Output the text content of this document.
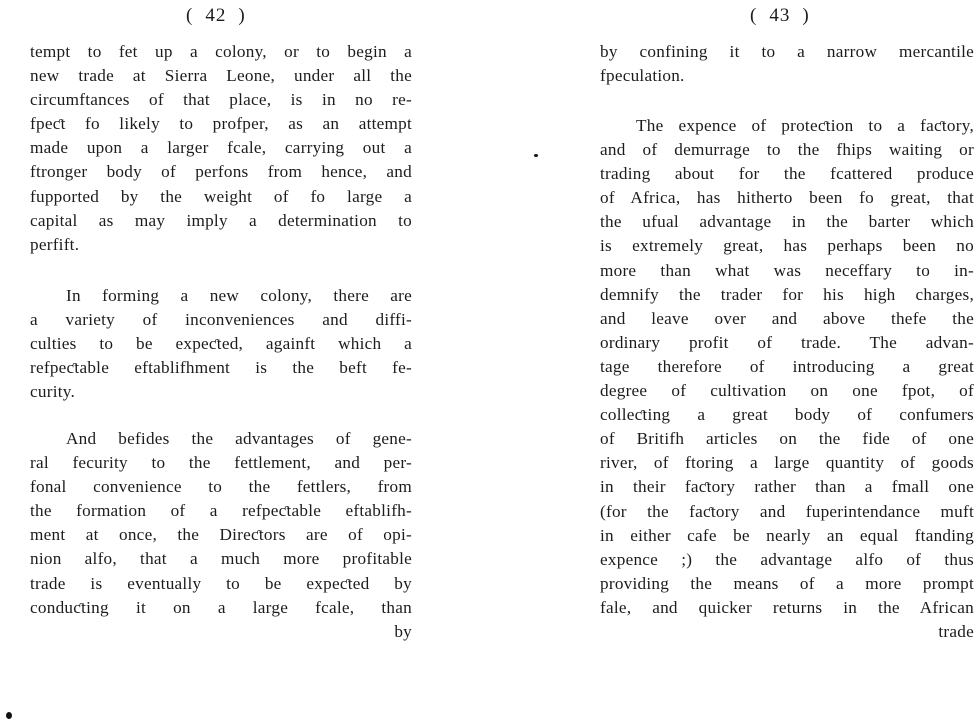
( 42 )
tempt to fet up a colony, or to begin a
new trade at Sierra Leone, under all the
circumftances of that place, is in no re-
fpeƈt fo likely to profper, as an attempt
made upon a larger fcale, carrying out a
ftronger body of perfons from hence, and
fupported by the weight of fo large a
capital as may imply a determination to
perfift.
In forming a new colony, there are
a variety of inconveniences and diffi-
culties to be expeƈted, againft which a
refpeƈtable eftablifhment is the beft fe-
curity.
And befides the advantages of gene-
ral fecurity to the fettlement, and per-
fonal convenience to the fettlers, from
the formation of a refpeƈtable eftablifh-
ment at once, the Direƈtors are of opi-
nion alfo, that a much more profitable
trade is eventually to be expeƈted by
conduƈting it on a large fcale, than
by
( 43 )
by confining it to a narrow mercantile
fpeculation.
The expence of proteƈtion to a faƈtory,
and of demurrage to the fhips waiting or
trading about for the fcattered produce
of Africa, has hitherto been fo great, that
the ufual advantage in the barter which
is extremely great, has perhaps been no
more than what was neceffary to in-
demnify the trader for his high charges,
and leave over and above thefe the
ordinary profit of trade. The advan-
tage therefore of introducing a great
degree of cultivation on one fpot, of
colleƈting a great body of confumers
of Britifh articles on the fide of one
river, of ftoring a large quantity of goods
in their faƈtory rather than a fmall one
(for the faƈtory and fuperintendance muft
in either cafe be nearly an equal ftanding
expence ;) the advantage alfo of thus
providing the means of a more prompt
fale, and quicker returns in the African
trade
